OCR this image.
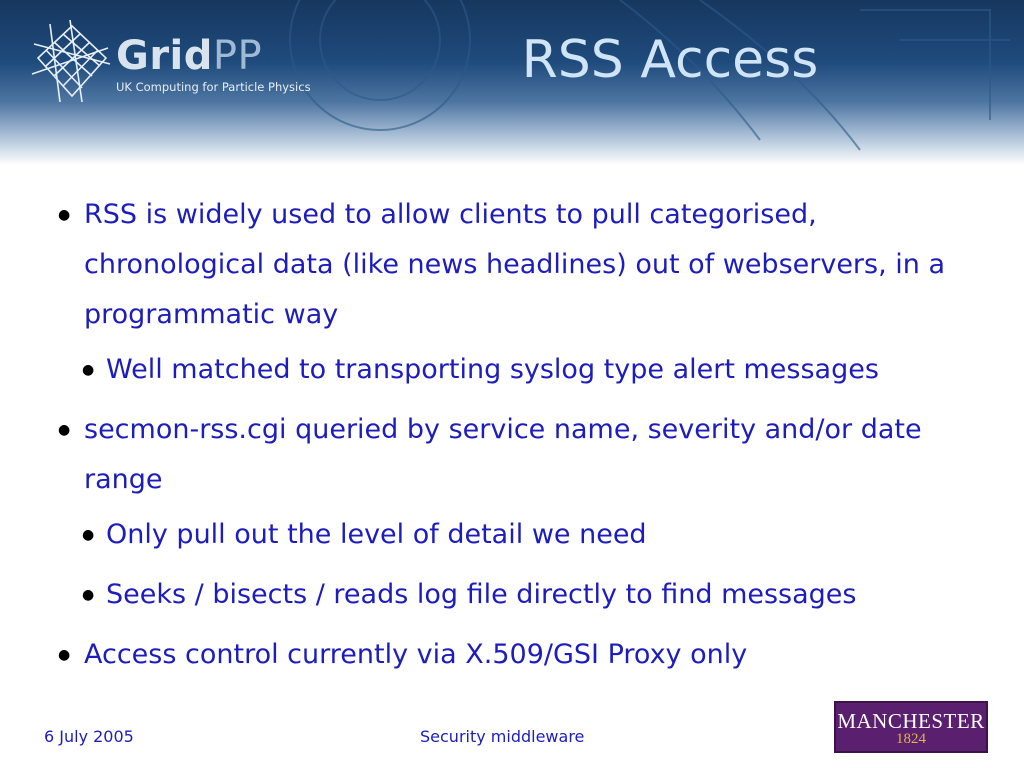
GridPP
UK Computing for Particle Physics	RSS Access
● RSS is widely used to allow clients to pull categorised, chronological data (like news headlines) out of webservers, in a programmatic way
● Well matched to transporting syslog type alert messages
● secmon-rss.cgi queried by service name, severity and/or date range
● Only pull out the level of detail we need
● Seeks / bisects / reads log file directly to find messages
● Access control currently via X.509/GSI Proxy only
6 July 2005	Security middleware
MANCHESTER
1824
